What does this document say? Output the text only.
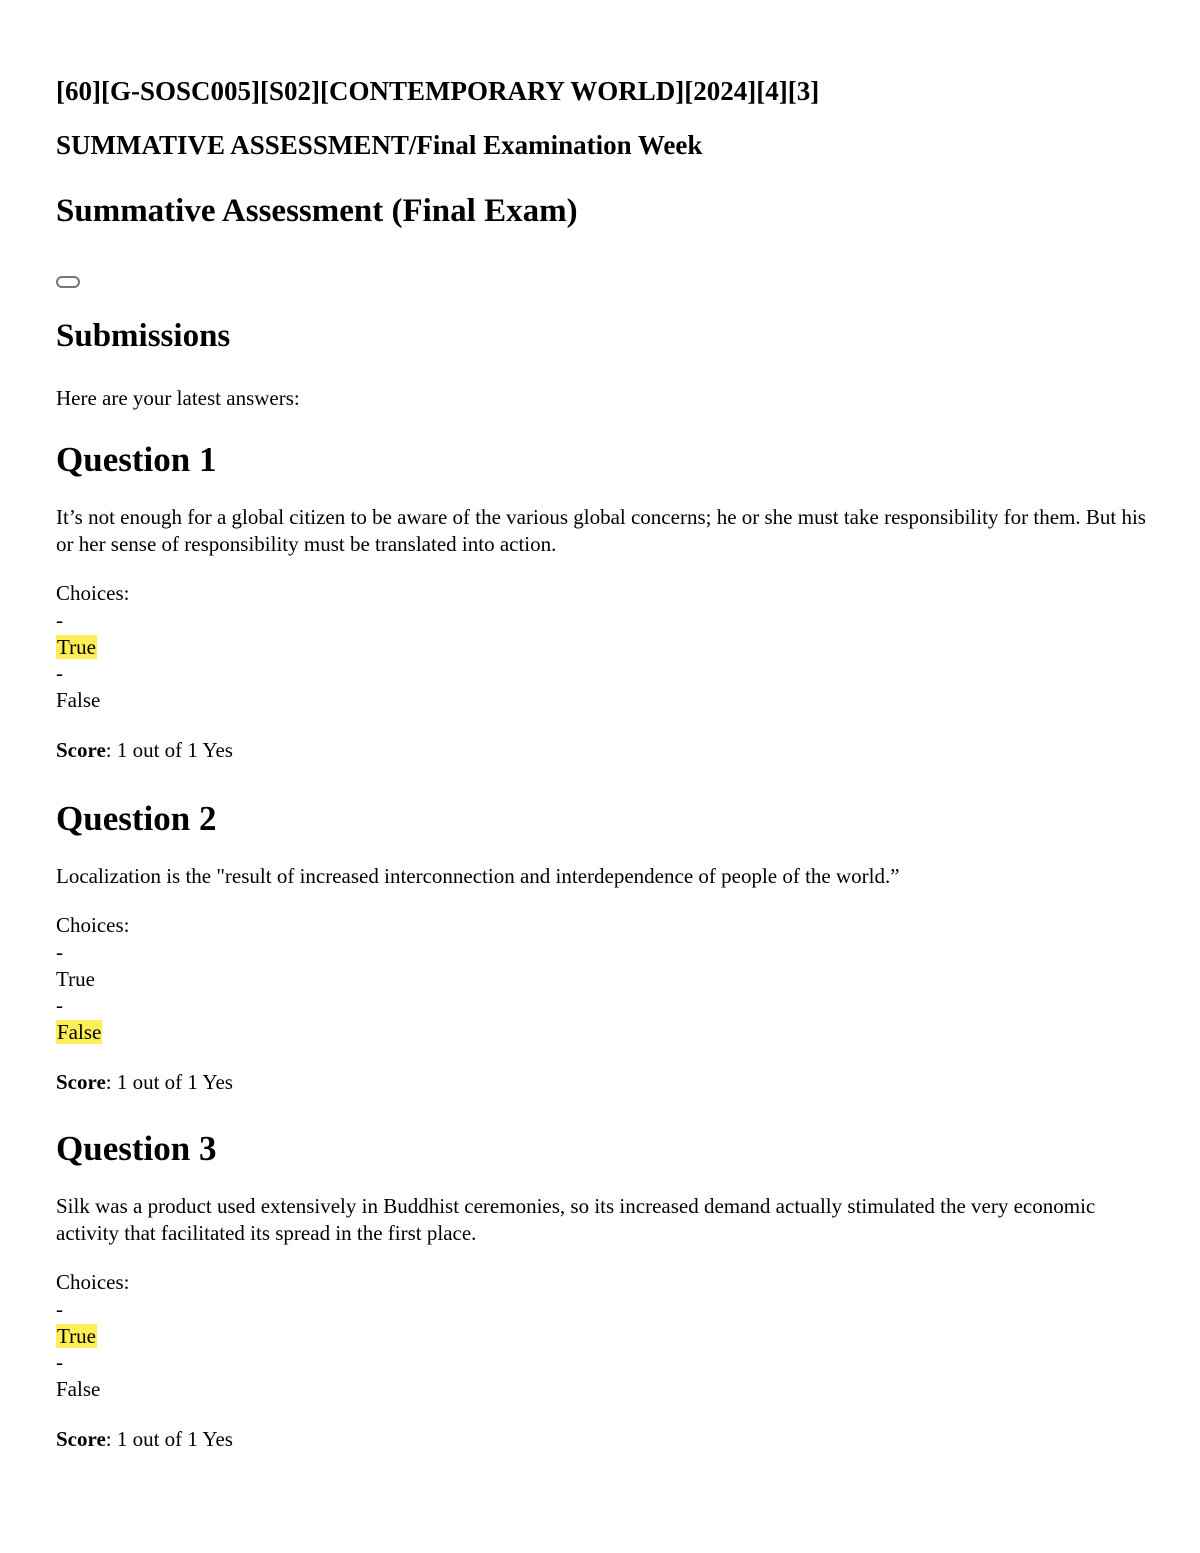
[60][G-SOSC005][S02][CONTEMPORARY WORLD][2024][4][3]
SUMMATIVE ASSESSMENT/Final Examination Week
Summative Assessment (Final Exam)
Submissions

Here are your latest answers:

Question 1

It’s not enough for a global citizen to be aware of the various global concerns; he or she must take responsibility for them. But his or her sense of responsibility must be translated into action.

Choices:
-
True
-
False
Score: 1 out of 1 Yes
Question 2

Localization is the "result of increased interconnection and interdependence of people of the world.”

Choices:
-
True
-
False
Score: 1 out of 1 Yes
Question 3

Silk was a product used extensively in Buddhist ceremonies, so its increased demand actually stimulated the very economic activity that facilitated its spread in the first place.

Choices:
-
True
-
False
Score: 1 out of 1 Yes
